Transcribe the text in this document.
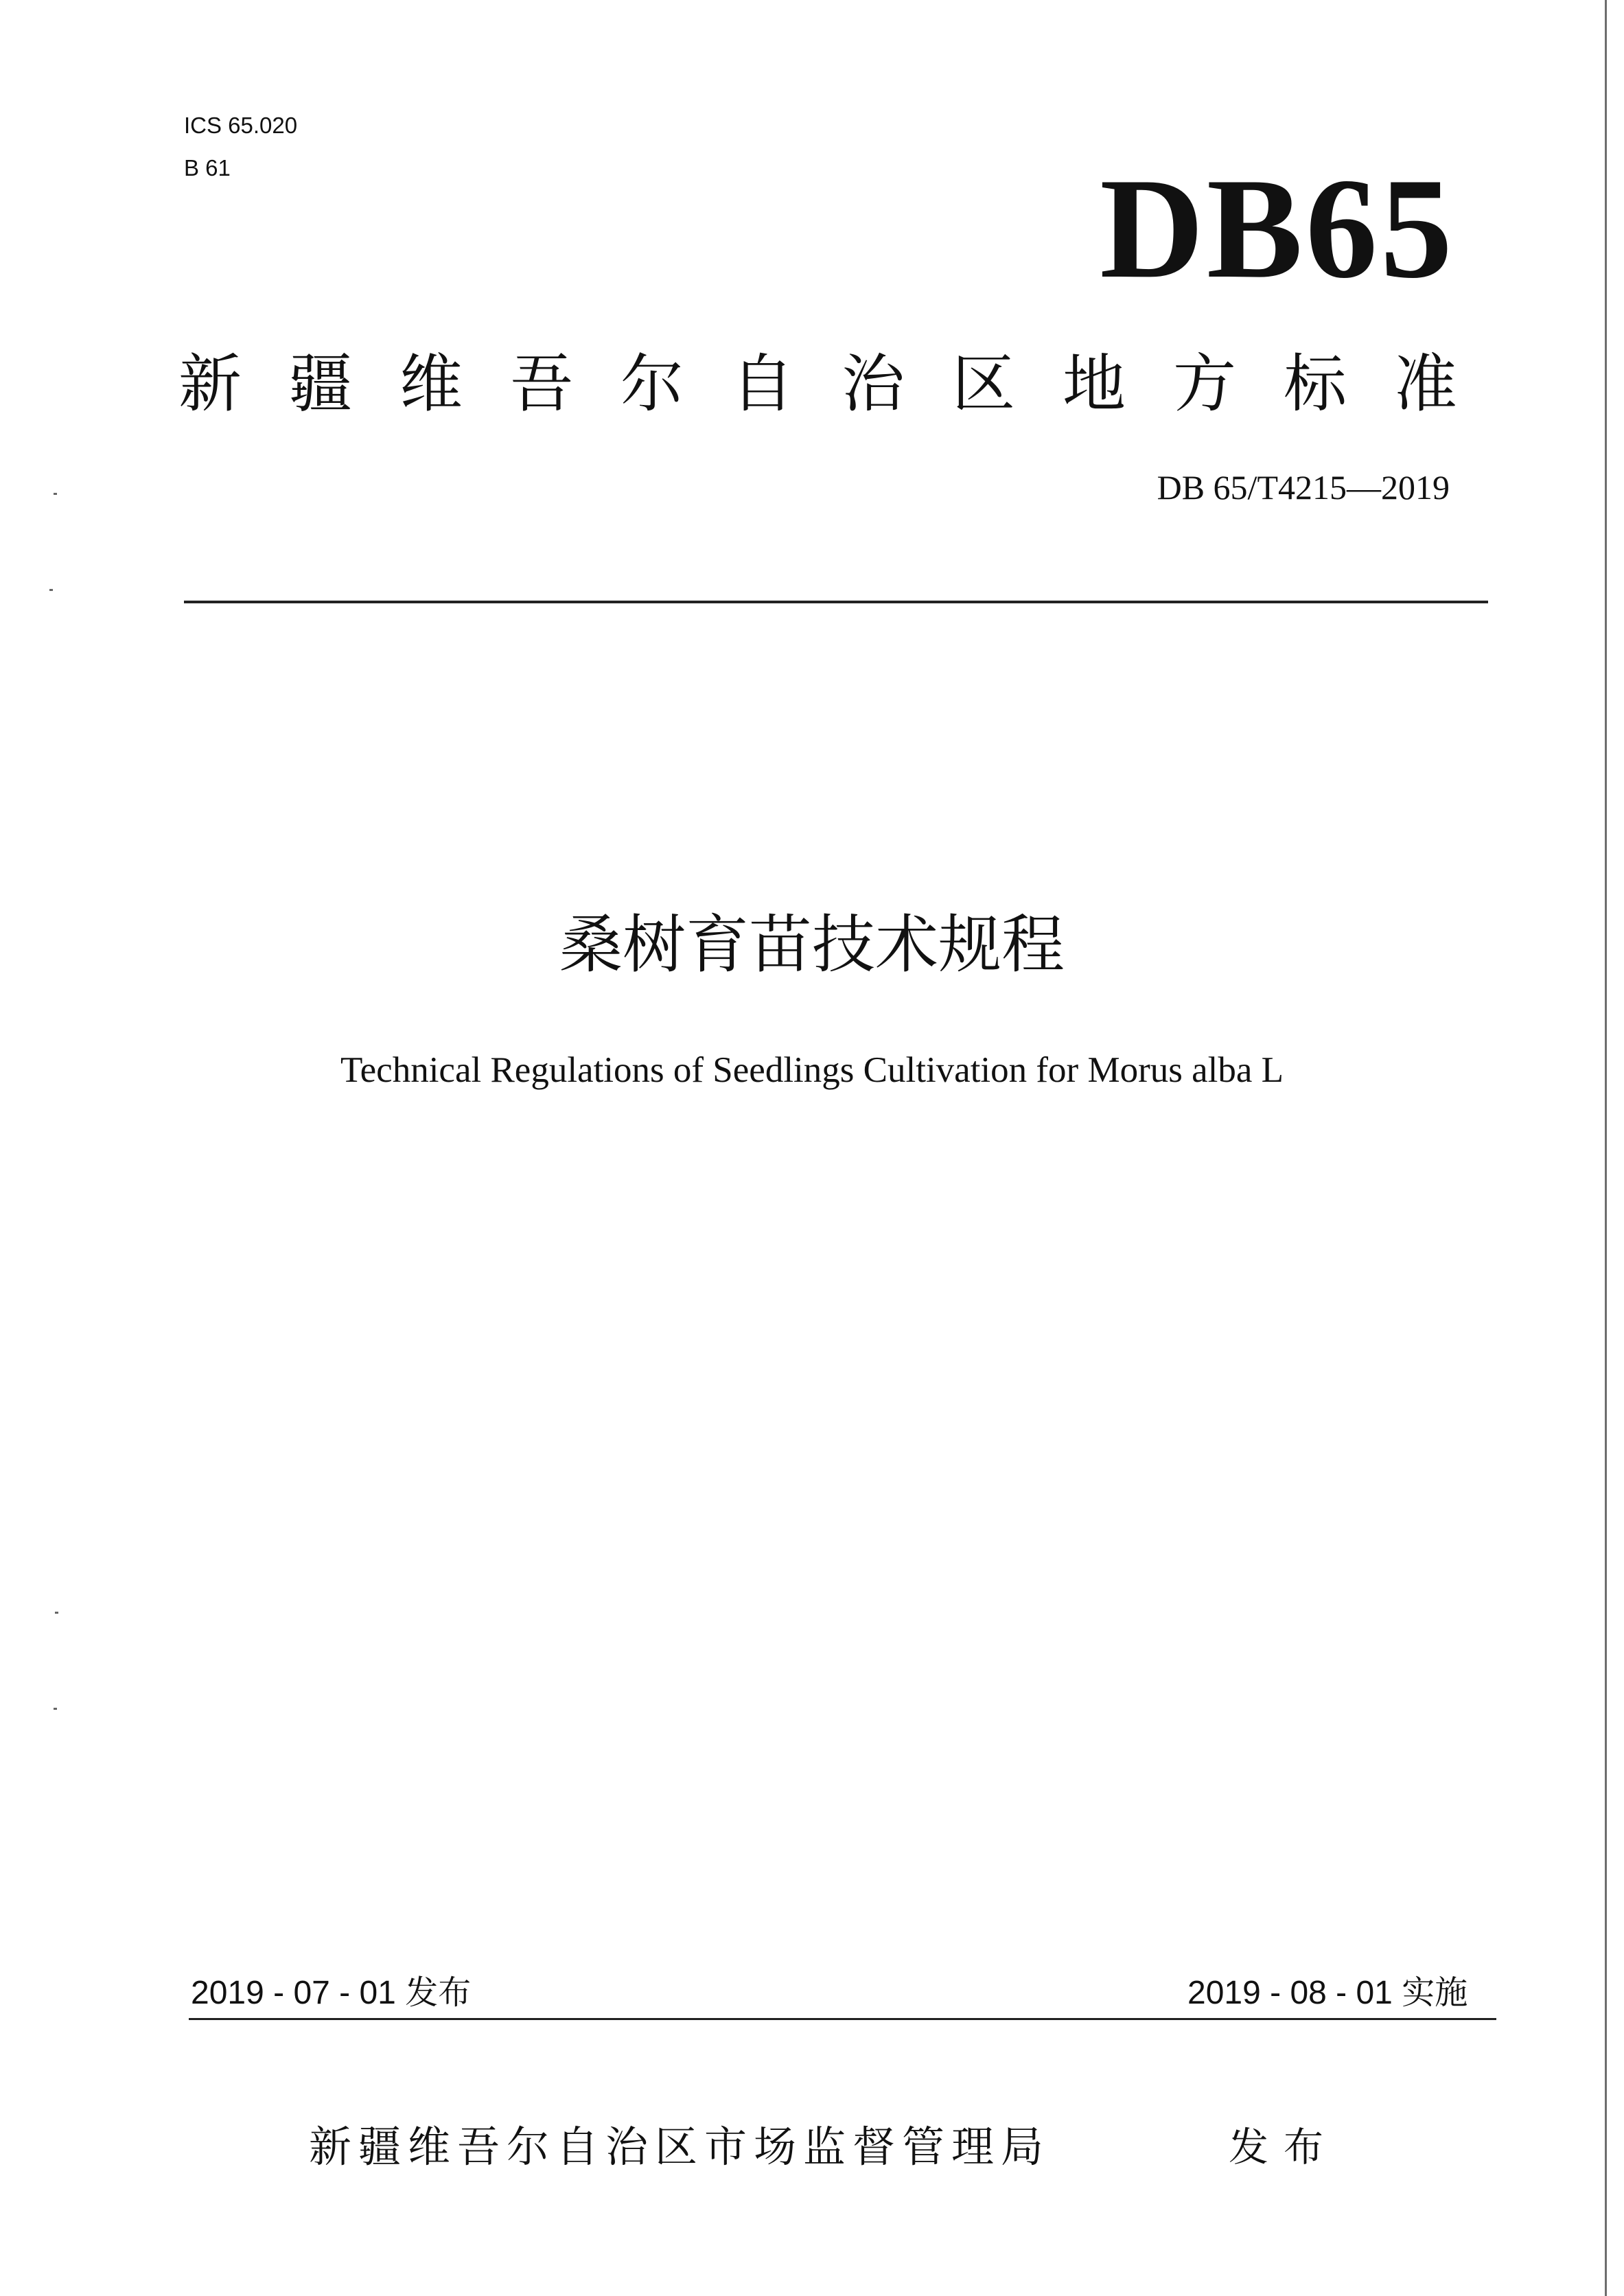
ICS 65.020
B 61	DB65
新疆维吾尔自治区地方标准
DB 65/T4215—2019
桑树育苗技术规程
Technical Regulations of Seedlings Cultivation for Morus alba L
2019 - 07 - 01 发布	2019 - 08 - 01 实施
新疆维吾尔自治区市场监督管理局	发布
